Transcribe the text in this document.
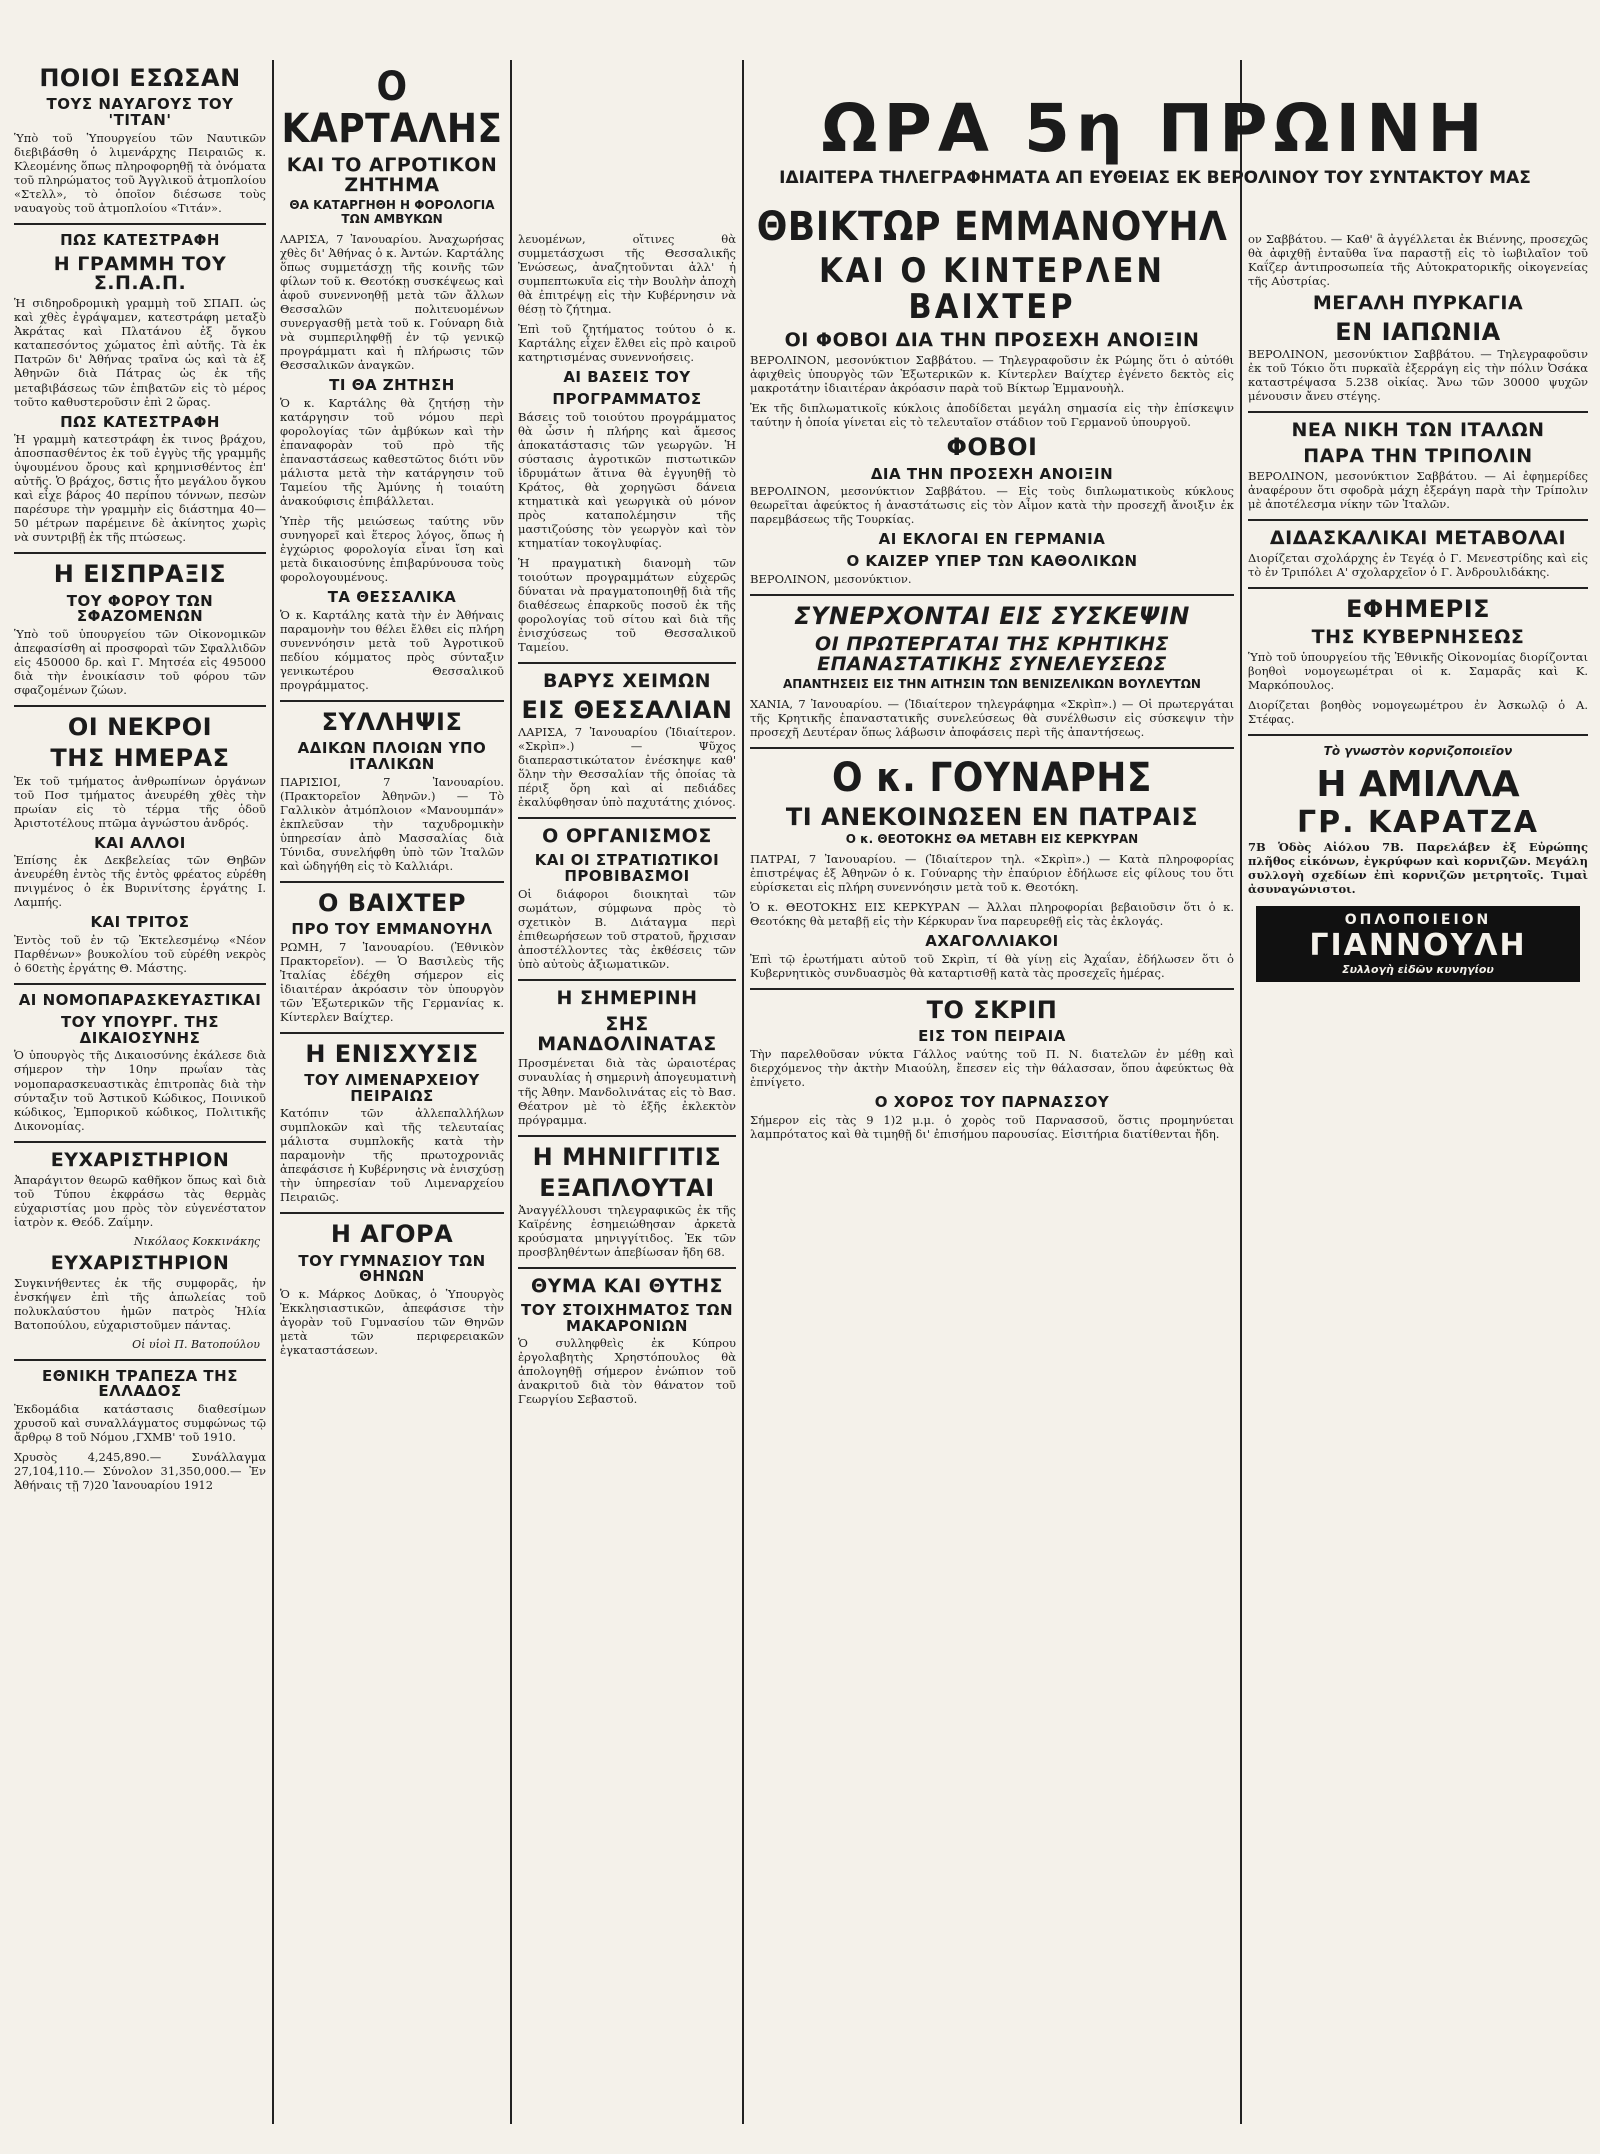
ΩΡΑ 5η ΠΡΩΙΝΗ
ΙΔΙΑΙΤΕΡΑ ΤΗΛΕΓΡΑΦΗΜΑΤΑ ΑΠ ΕΥΘΕΙΑΣ ΕΚ ΒΕΡΟΛΙΝΟΥ ΤΟΥ ΣΥΝΤΑΚΤΟΥ ΜΑΣ
ΠΟΙΟΙ ΕΣΩΣΑΝ
ΤΟΥΣ ΝΑΥΑΓΟΥΣ ΤΟΥ 'ΤΙΤΑΝ'

Ὑπὸ τοῦ Ὑπουργείου τῶν Ναυτικῶν διεβιβάσθη ὁ λιμενάρχης Πειραιῶς κ. Κλεομένης ὅπως πληροφορηθῇ τὰ ὀνόματα τοῦ πληρώματος τοῦ Ἀγγλικοῦ ἀτμοπλοίου «Στελλ», τὸ ὁποῖον διέσωσε τοὺς ναυαγοὺς τοῦ ἀτμοπλοίου «Τιτάν».

ΠΩΣ ΚΑΤΕΣΤΡΑΦΗ
Η ΓΡΑΜΜΗ ΤΟΥ Σ.Π.Α.Π.

Ἡ σιδηροδρομικὴ γραμμὴ τοῦ ΣΠΑΠ. ὡς καὶ χθὲς ἐγράψαμεν, κατεστράφη μεταξὺ Ἀκράτας καὶ Πλατάνου ἐξ ὄγκου καταπεσόντος χώματος ἐπὶ αὐτῆς. Τὰ ἐκ Πατρῶν δι' Ἀθήνας τραῖνα ὡς καὶ τὰ ἐξ Ἀθηνῶν διὰ Πάτρας ὡς ἐκ τῆς μεταβιβάσεως τῶν ἐπιβατῶν εἰς τὸ μέρος τοῦτο καθυστεροῦσιν ἐπὶ 2 ὥρας.

ΠΩΣ ΚΑΤΕΣΤΡΑΦΗ

Ἡ γραμμὴ κατεστράφη ἐκ τινος βράχου, ἀποσπασθέντος ἐκ τοῦ ἐγγὺς τῆς γραμμῆς ὑψουμένου ὄρους καὶ κρημνισθέντος ἐπ' αὐτῆς. Ὁ βράχος, δστις ἦτο μεγάλου ὄγκου καὶ εἶχε βάρος 40 περίπου τόννων, πεσὼν παρέσυρε τὴν γραμμὴν εἰς διάστημα 40—50 μέτρων παρέμεινε δὲ ἀκίνητος χωρὶς νὰ συντριβῇ ἐκ τῆς πτώσεως.

Η ΕΙΣΠΡΑΞΙΣ
ΤΟΥ ΦΟΡΟΥ ΤΩΝ ΣΦΑΖΟΜΕΝΩΝ

Ὑπὸ τοῦ ὑπουργείου τῶν Οἰκονομικῶν ἀπεφασίσθη αἱ προσφοραὶ τῶν Σφαλλιδῶν εἰς 450000 δρ. καὶ Γ. Μητσέα εἰς 495000 διὰ τὴν ἐνοικίασιν τοῦ φόρου τῶν σφαζομένων ζώων.

ΟΙ ΝΕΚΡΟΙ
ΤΗΣ ΗΜΕΡΑΣ

Ἐκ τοῦ τμήματος ἀνθρωπίνων ὀργάνων τοῦ Ποσ τμήματος ἀνευρέθη χθὲς τὴν πρωίαν εἰς τὸ τέρμα τῆς ὁδοῦ Ἀριστοτέλους πτῶμα ἀγνώστου ἀνδρός.

ΚΑΙ ΑΛΛΟΙ

Ἐπίσης ἐκ Δεκβελείας τῶν Θηβῶν ἀνευρέθη ἐντὸς τῆς ἐντὸς φρέατος εὑρέθη πνιγμένος ὁ ἐκ Βυρινίτσης ἐργάτης Ι. Λαμπής.

ΚΑΙ ΤΡΙΤΟΣ

Ἐντὸς τοῦ ἐν τῷ Ἐκτελεσμένῳ «Νέον Παρθένων» βουκολίου τοῦ εὑρέθη νεκρὸς ὁ 60ετὴς ἐργάτης Θ. Μάστης.

ΑΙ ΝΟΜΟΠΑΡΑΣΚΕΥΑΣΤΙΚΑΙ
ΤΟΥ ΥΠΟΥΡΓ. ΤΗΣ ΔΙΚΑΙΟΣΥΝΗΣ

Ὁ ὑπουργὸς τῆς Δικαιοσύνης ἐκάλεσε διὰ σήμερον τὴν 10ην πρωΐαν τὰς νομοπαρασκευαστικὰς ἐπιτροπὰς διὰ τὴν σύνταξιν τοῦ Ἀστικοῦ Κώδικος, Ποινικοῦ κώδικος, Ἐμπορικοῦ κώδικος, Πολιτικῆς Δικονομίας.

ΕΥΧΑΡΙΣΤΗΡΙΟΝ

Ἀπαράγιτον θεωρῶ καθῆκον ὅπως καὶ διὰ τοῦ Τύπου ἐκφράσω τὰς θερμὰς εὐχαριστίας μου πρὸς τὸν εὐγενέστατον ἰατρὸν κ. Θεόδ. Ζαΐμην.

Νικόλαος Κοκκινάκης
ΕΥΧΑΡΙΣΤΗΡΙΟΝ

Συγκινήθεντες ἐκ τῆς συμφορᾶς, ἡν ἐνσκήψεν ἐπὶ τῆς ἀπωλείας τοῦ πολυκλαύστου ἡμῶν πατρὸς Ἠλία Βατοπούλου, εὐχαριστοῦμεν πάντας.

Οἱ υἱοὶ Π. Βατοπούλου
ΕΘΝΙΚΗ ΤΡΑΠΕΖΑ ΤΗΣ ΕΛΛΑΔΟΣ

Ἐκδομάδια κατάστασις διαθεσίμων χρυσοῦ καὶ συναλλάγματος συμφώνως τῷ ἄρθρῳ 8 τοῦ Νόμου ,ΓΧΜΒ' τοῦ 1910.

Χρυσὸς 4,245,890.— Συνάλλαγμα 27,104,110.— Σύνολον 31,350,000.— Ἐν Ἀθήναις τῇ 7)20 Ἰανουαρίου 1912

Ο ΚΑΡΤΑΛΗΣ
ΚΑΙ ΤΟ ΑΓΡΟΤΙΚΟΝ ΖΗΤΗΜΑ
ΘΑ ΚΑΤΑΡΓΗΘΗ Η ΦΟΡΟΛΟΓΙΑ ΤΩΝ ΑΜΒΥΚΩΝ

ΛΑΡΙΣΑ, 7 Ἰανουαρίου. Ἀναχωρήσας χθὲς δι' Ἀθήνας ὁ κ. Ἀντών. Καρτάλης ὅπως συμμετάσχῃ τῆς κοινῆς τῶν φίλων τοῦ κ. Θεοτόκῃ συσκέψεως καὶ ἀφοῦ συνεννοηθῇ μετὰ τῶν ἄλλων Θεσσαλῶν πολιτευομένων συνεργασθῇ μετὰ τοῦ κ. Γούναρη διὰ νὰ συμπεριληφθῇ ἐν τῷ γενικῷ προγράμματι καὶ ἡ πλήρωσις τῶν Θεσσαλικῶν ἀναγκῶν.

ΤΙ ΘΑ ΖΗΤΗΣΗ

Ὁ κ. Καρτάλης θὰ ζητήσῃ τὴν κατάργησιν τοῦ νόμου περὶ φορολογίας τῶν ἀμβύκων καὶ τὴν ἐπαναφορὰν τοῦ πρὸ τῆς ἐπαναστάσεως καθεστῶτος διότι νῦν μάλιστα μετὰ τὴν κατάργησιν τοῦ Ταμείου τῆς Ἀμύνης ἡ τοιαύτη ἀνακούφισις ἐπιβάλλεται.

Ὑπὲρ τῆς μειώσεως ταύτης νῦν συνηγορεῖ καὶ ἕτερος λόγος, ὅπως ἡ ἐγχώριος φορολογία εἶναι ἴση καὶ μετὰ δικαιοσύνης ἐπιβαρύνουσα τοὺς φορολογουμένους.

ΤΑ ΘΕΣΣΑΛΙΚΑ

Ὁ κ. Καρτάλης κατὰ τὴν ἐν Ἀθήναις παραμονὴν του θέλει ἔλθει εἰς πλήρη συνεννόησιν μετὰ τοῦ Ἀγροτικοῦ πεδίου κόμματος πρὸς σύνταξιν γενικωτέρου Θεσσαλικοῦ προγράμματος.

ΣΥΛΛΗΨΙΣ
ΑΔΙΚΩΝ ΠΛΟΙΩΝ ΥΠΟ ΙΤΑΛΙΚΩΝ

ΠΑΡΙΣΙΟΙ, 7 Ἰανουαρίου. (Πρακτορεῖον Ἀθηνῶν.) — Τὸ Γαλλικὸν ἀτμόπλοιον «Μανουμπάν» ἐκπλεῦσαν τὴν ταχυδρομικὴν ὑπηρεσίαν ἀπὸ Μασσαλίας διὰ Τύνιδα, συνελήφθη ὑπὸ τῶν Ἰταλῶν καὶ ὡδηγήθη εἰς τὸ Καλλιάρι.

Ο ΒΑΙΧΤΕΡ
ΠΡΟ ΤΟΥ ΕΜΜΑΝΟΥΗΛ

ΡΩΜΗ, 7 Ἰανουαρίου. (Ἑθνικὸν Πρακτορεῖον). — Ὁ Βασιλεὺς τῆς Ἰταλίας ἐδέχθη σήμερον εἰς ἰδιαιτέραν ἀκρόασιν τὸν ὑπουργὸν τῶν Ἐξωτερικῶν τῆς Γερμανίας κ. Κίντερλεν Βαίχτερ.

Η ΕΝΙΣΧΥΣΙΣ
ΤΟΥ ΛΙΜΕΝΑΡΧΕΙΟΥ ΠΕΙΡΑΙΩΣ

Κατόπιν τῶν ἀλλεπαλλήλων συμπλοκῶν καὶ τῆς τελευταίας μάλιστα συμπλοκῆς κατὰ τὴν παραμονὴν τῆς πρωτοχρονιᾶς ἀπεφάσισε ἡ Κυβέρνησις νὰ ἐνισχύσῃ τὴν ὑπηρεσίαν τοῦ Λιμεναρχείου Πειραιῶς.

Η ΑΓΟΡΑ
ΤΟΥ ΓΥΜΝΑΣΙΟΥ ΤΩΝ ΘΗΝΩΝ

Ὁ κ. Μάρκος Δοῦκας, ὁ Ὑπουργὸς Ἐκκλησιαστικῶν, ἀπεφάσισε τὴν ἀγορὰν τοῦ Γυμνασίου τῶν Θηνῶν μετὰ τῶν περιφερειακῶν ἐγκαταστάσεων.

λευομένων, οἵτινες θὰ συμμετάσχωσι τῆς Θεσσαλικῆς Ἐνώσεως, ἀναζητοῦνται ἀλλ' ἡ συμπεπτωκυῖα εἰς τὴν Βουλὴν ἀποχὴ θὰ ἐπιτρέψῃ εἰς τὴν Κυβέρνησιν νὰ θέσῃ τὸ ζήτημα.

Ἐπὶ τοῦ ζητήματος τούτου ὁ κ. Καρτάλης εἶχεν ἔλθει εἰς πρὸ καιροῦ κατηρτισμένας συνεννοήσεις.

ΑΙ ΒΑΣΕΙΣ ΤΟΥ
ΠΡΟΓΡΑΜΜΑΤΟΣ

Βάσεις τοῦ τοιούτου προγράμματος θὰ ὦσιν ἡ πλήρης καὶ ἄμεσος ἀποκατάστασις τῶν γεωργῶν. Ἡ σύστασις ἀγροτικῶν πιστωτικῶν ἱδρυμάτων ἅτινα θὰ ἐγγυηθῇ τὸ Κράτος, θὰ χορηγῶσι δάνεια κτηματικὰ καὶ γεωργικὰ οὐ μόνον πρὸς καταπολέμησιν τῆς μαστιζούσης τὸν γεωργὸν καὶ τὸν κτηματίαν τοκογλυφίας.

Ἡ πραγματικὴ διανομὴ τῶν τοιούτων προγραμμάτων εὐχερῶς δύναται νὰ πραγματοποιηθῇ διὰ τῆς διαθέσεως ἐπαρκοῦς ποσοῦ ἐκ τῆς φορολογίας τοῦ σίτου καὶ διὰ τῆς ἐνισχύσεως τοῦ Θεσσαλικοῦ Ταμείου.

ΒΑΡΥΣ ΧΕΙΜΩΝ
ΕΙΣ ΘΕΣΣΑΛΙΑΝ

ΛΑΡΙΣΑ, 7 Ἰανουαρίου (Ἰδιαίτερον. «Σκρὶπ».) — Ψῦχος διαπεραστικώτατον ἐνέσκηψε καθ' ὅλην τὴν Θεσσαλίαν τῆς ὁποίας τὰ πέριξ ὄρη καὶ αἱ πεδιάδες ἐκαλύφθησαν ὑπὸ παχυτάτης χιόνος.

Ο ΟΡΓΑΝΙΣΜΟΣ
ΚΑΙ ΟΙ ΣΤΡΑΤΙΩΤΙΚΟΙ ΠΡΟΒΙΒΑΣΜΟΙ

Οἱ διάφοροι διοικηταὶ τῶν σωμάτων, σύμφωνα πρὸς τὸ σχετικὸν Β. Διάταγμα περὶ ἐπιθεωρήσεων τοῦ στρατοῦ, ἤρχισαν ἀποστέλλοντες τὰς ἐκθέσεις τῶν ὑπὸ αὐτοὺς ἀξιωματικῶν.

Η ΣΗΜΕΡΙΝΗ
ΣΗΣ ΜΑΝΔΟΛΙΝΑΤΑΣ

Προσμένεται διὰ τὰς ὡραιοτέρας συναυλίας ἡ σημερινὴ ἀπογευματινὴ τῆς Ἀθην. Μανδολινάτας εἰς τὸ Βασ. Θέατρον μὲ τὸ ἑξῆς ἐκλεκτὸν πρόγραμμα.

Η ΜΗΝΙΓΓΙΤΙΣ
ΕΞΑΠΛΟΥΤΑΙ

Ἀναγγέλλουσι τηλεγραφικῶς ἐκ τῆς Καϊρένης ἐσημειώθησαν ἀρκετὰ κρούσματα μηνιγγίτιδος. Ἐκ τῶν προσβληθέντων ἀπεβίωσαν ἤδη 68.

ΘΥΜΑ ΚΑΙ ΘΥΤΗΣ
ΤΟΥ ΣΤΟΙΧΗΜΑΤΟΣ ΤΩΝ ΜΑΚΑΡΟΝΙΩΝ

Ὁ συλληφθεὶς ἐκ Κύπρου ἐργολαβητὴς Χρηστόπουλος θὰ ἀπολογηθῇ σήμερον ἐνώπιον τοῦ ἀνακριτοῦ διὰ τὸν θάνατον τοῦ Γεωργίου Σεβαστοῦ.

ΘΒΙΚΤΩΡ ΕΜΜΑΝΟΥΗΛ
ΚΑΙ Ο ΚΙΝΤΕΡΛΕΝ ΒΑΙΧΤΕΡ
ΟΙ ΦΟΒΟΙ ΔΙΑ ΤΗΝ ΠΡΟΣΕΧΗ ΑΝΟΙΞΙΝ

ΒΕΡΟΛΙΝΟΝ, μεσονύκτιον Σαββάτου. — Τηλεγραφοῦσιν ἐκ Ρώμης ὅτι ὁ αὐτόθι ἀφιχθεὶς ὑπουργὸς τῶν Ἐξωτερικῶν κ. Κίντερλεν Βαίχτερ ἐγένετο δεκτὸς εἰς μακροτάτην ἰδιαιτέραν ἀκρόασιν παρὰ τοῦ Βίκτωρ Ἐμμανουὴλ.

Ἐκ τῆς διπλωματικοῖς κύκλοις ἀποδίδεται μεγάλη σημασία εἰς τὴν ἐπίσκεψιν ταύτην ἡ ὁποία γίνεται εἰς τὸ τελευταῖον στάδιον τοῦ Γερμανοῦ ὑπουργοῦ.

ΦΟΒΟΙ
ΔΙΑ ΤΗΝ ΠΡΟΣΕΧΗ ΑΝΟΙΞΙΝ

ΒΕΡΟΛΙΝΟΝ, μεσονύκτιον Σαββάτου. — Εἰς τοὺς διπλωματικοὺς κύκλους θεωρεῖται ἀφεύκτος ἡ ἀναστάτωσις εἰς τὸν Αἶμον κατὰ τὴν προσεχῆ ἄνοιξιν ἐκ παρεμβάσεως τῆς Τουρκίας.

ΑΙ ΕΚΛΟΓΑΙ ΕΝ ΓΕΡΜΑΝΙΑ
Ο ΚΑΙΖΕΡ ΥΠΕΡ ΤΩΝ ΚΑΘΟΛΙΚΩΝ

ΒΕΡΟΛΙΝΟΝ, μεσονύκτιον.

ΣΥΝΕΡΧΟΝΤΑΙ ΕΙΣ ΣΥΣΚΕΨΙΝ
ΟΙ ΠΡΩΤΕΡΓΑΤΑΙ ΤΗΣ ΚΡΗΤΙΚΗΣ ΕΠΑΝΑΣΤΑΤΙΚΗΣ ΣΥΝΕΛΕΥΣΕΩΣ
ΑΠΑΝΤΗΣΕΙΣ ΕΙΣ ΤΗΝ ΑΙΤΗΣΙΝ ΤΩΝ ΒΕΝΙΖΕΛΙΚΩΝ ΒΟΥΛΕΥΤΩΝ

ΧΑΝΙΑ, 7 Ἰανουαρίου. — (Ἰδιαίτερον τηλεγράφημα «Σκρὶπ».) — Οἱ πρωτεργάται τῆς Κρητικῆς ἐπαναστατικῆς συνελεύσεως θὰ συνέλθωσιν εἰς σύσκεψιν τὴν προσεχῆ Δευτέραν ὅπως λάβωσιν ἀποφάσεις περὶ τῆς ἀπαντήσεως.

Ο κ. ΓΟΥΝΑΡΗΣ
ΤΙ ΑΝΕΚΟΙΝΩΣΕΝ ΕΝ ΠΑΤΡΑΙΣ
Ο κ. ΘΕΟΤΟΚΗΣ ΘΑ ΜΕΤΑΒΗ ΕΙΣ ΚΕΡΚΥΡΑΝ

ΠΑΤΡΑΙ, 7 Ἰανουαρίου. — (Ἰδιαίτερον τηλ. «Σκρὶπ».) — Κατὰ πληροφορίας ἐπιστρέψας ἐξ Ἀθηνῶν ὁ κ. Γούναρης τὴν ἐπαύριον ἐδήλωσε εἰς φίλους του ὅτι εὑρίσκεται εἰς πλήρη συνεννόησιν μετὰ τοῦ κ. Θεοτόκη.

Ὁ κ. ΘΕΟΤΟΚΗΣ ΕΙΣ ΚΕΡΚΥΡΑΝ — Ἀλλαι πληροφορίαι βεβαιοῦσιν ὅτι ὁ κ. Θεοτόκης θὰ μεταβῇ εἰς τὴν Κέρκυραν ἵνα παρευρεθῇ εἰς τὰς ἐκλογάς.

ΑΧΑΓΟΛΛΙΑΚΟΙ

Ἐπὶ τῷ ἐρωτήματι αὐτοῦ τοῦ Σκρὶπ, τί θὰ γίνῃ εἰς Ἀχαΐαν, ἐδήλωσεν ὅτι ὁ Κυβερνητικὸς συνδυασμὸς θὰ καταρτισθῇ κατὰ τὰς προσεχεῖς ἡμέρας.

ΤΟ ΣΚΡΙΠ
ΕΙΣ ΤΟΝ ΠΕΙΡΑΙΑ

Τὴν παρελθοῦσαν νύκτα Γάλλος ναύτης τοῦ Π. Ν. διατελῶν ἐν μέθῃ καὶ διερχόμενος τὴν ἀκτὴν Μιαούλη, ἔπεσεν εἰς τὴν θάλασσαν, ὅπου ἀφεύκτως θὰ ἐπνίγετο.

Ο ΧΟΡΟΣ ΤΟΥ ΠΑΡΝΑΣΣΟΥ

Σήμερον εἰς τὰς 9 1)2 μ.μ. ὁ χορὸς τοῦ Παρνασσοῦ, ὅστις προμηνύεται λαμπρότατος καὶ θὰ τιμηθῇ δι' ἐπισήμου παρουσίας. Εἰσιτήρια διατίθενται ἤδη.

ον Σαββάτου. — Καθ' ἃ ἀγγέλλεται ἐκ Βιέννης, προσεχῶς θὰ ἀφιχθῇ ἐνταῦθα ἵνα παραστῇ εἰς τὸ ἰωβιλαῖον τοῦ Καΐζερ ἀντιπροσωπεία τῆς Αὐτοκρατορικῆς οἰκογενείας τῆς Αὐστρίας.

ΜΕΓΑΛΗ ΠΥΡΚΑΓΙΑ
ΕΝ ΙΑΠΩΝΙΑ

ΒΕΡΟΛΙΝΟΝ, μεσονύκτιον Σαββάτου. — Τηλεγραφοῦσιν ἐκ τοῦ Τόκιο ὅτι πυρκαϊὰ ἐξερράγη εἰς τὴν πόλιν Ὀσάκα καταστρέψασα 5.238 οἰκίας. Ἄνω τῶν 30000 ψυχῶν μένουσιν ἄνευ στέγης.

ΝΕΑ ΝΙΚΗ ΤΩΝ ΙΤΑΛΩΝ
ΠΑΡΑ ΤΗΝ ΤΡΙΠΟΛΙΝ

ΒΕΡΟΛΙΝΟΝ, μεσονύκτιον Σαββάτου. — Αἱ ἐφημερίδες ἀναφέρουν ὅτι σφοδρὰ μάχη ἐξεράγη παρὰ τὴν Τρίπολιν μὲ ἀποτέλεσμα νίκην τῶν Ἰταλῶν.

ΔΙΔΑΣΚΑΛΙΚΑΙ ΜΕΤΑΒΟΛΑΙ

Διορίζεται σχολάρχης ἐν Τεγέᾳ ὁ Γ. Μενεστρίδης καὶ εἰς τὸ ἐν Τριπόλει Α' σχολαρχεῖον ὁ Γ. Ἀνδρουλιδάκης.

ΕΦΗΜΕΡΙΣ
ΤΗΣ ΚΥΒΕΡΝΗΣΕΩΣ

Ὑπὸ τοῦ ὑπουργείου τῆς Ἐθνικῆς Οἰκονομίας διορίζονται βοηθοὶ νομογεωμέτραι οἱ κ. Σαμαρᾶς καὶ Κ. Μαρκόπουλος.

Διορίζεται βοηθὸς νομογεωμέτρου ἐν Ἀσκωλῷ ὁ Α. Στέφας.

Τὸ γνωστὸν κορνιζοποιεῖον
Η ΑΜΙΛΛΑ
ΓΡ. ΚΑΡΑΤΖΑ

7Β Ὁδὸς Αἰόλου 7Β. Παρελάβεν ἐξ Εὐρώπης πλῆθος εἰκόνων, ἐγκρύφων καὶ κορνιζῶν. Μεγάλη συλλογὴ σχεδίων ἐπὶ κορνιζῶν μετρητοῖς. Τιμαὶ ἀσυναγώνιστοι.

ΟΠΛΟΠΟΙΕΙΟΝ
ΓΙΑΝΝΟΥΛΗ
Συλλογὴ εἰδῶν κυνηγίου
